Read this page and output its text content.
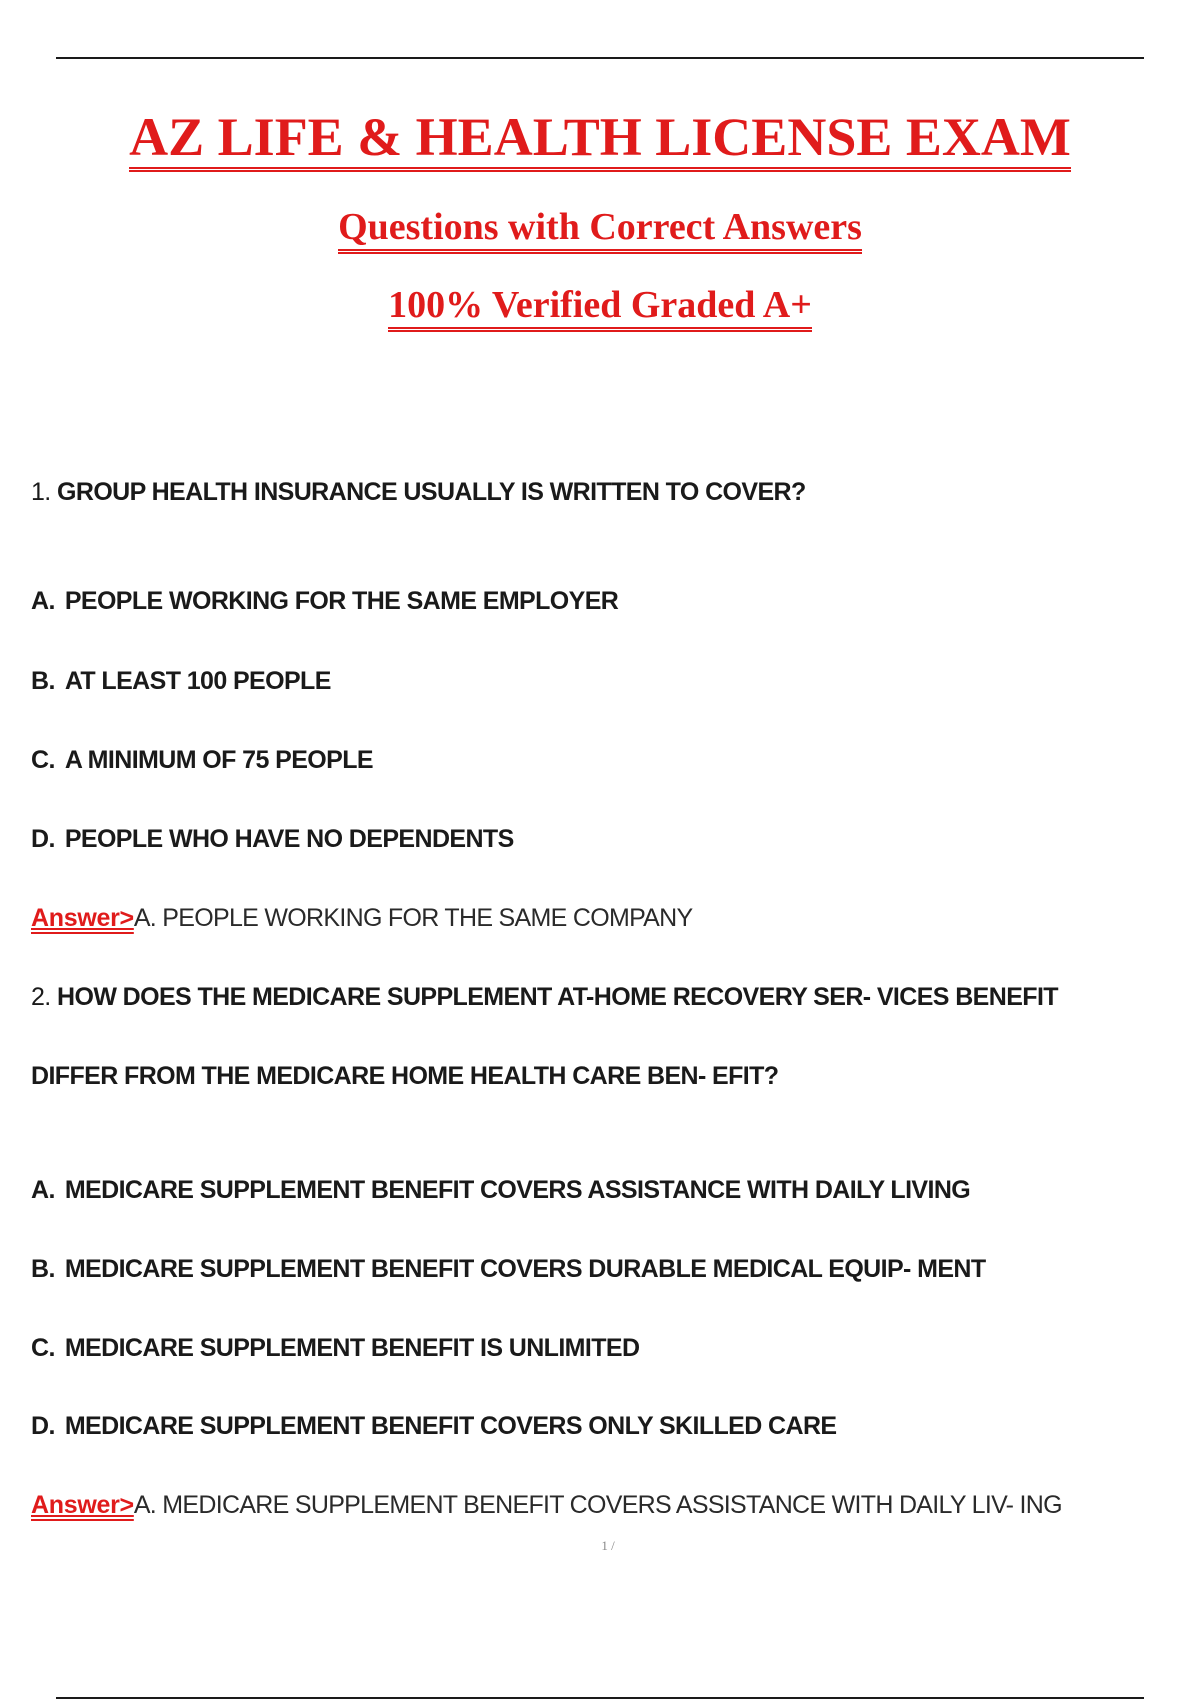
AZ LIFE & HEALTH LICENSE EXAM
Questions with Correct Answers
100% Verified Graded A+
1. GROUP HEALTH INSURANCE USUALLY IS WRITTEN TO COVER?
A. PEOPLE WORKING FOR THE SAME EMPLOYER
B. AT LEAST 100 PEOPLE
C. A MINIMUM OF 75 PEOPLE
D. PEOPLE WHO HAVE NO DEPENDENTS
Answer>A. PEOPLE WORKING FOR THE SAME COMPANY
2. HOW DOES THE MEDICARE SUPPLEMENT AT-HOME RECOVERY SER- VICES BENEFIT
DIFFER FROM THE MEDICARE HOME HEALTH CARE BEN- EFIT?
A. MEDICARE SUPPLEMENT BENEFIT COVERS ASSISTANCE WITH DAILY LIVING
B. MEDICARE SUPPLEMENT BENEFIT COVERS DURABLE MEDICAL EQUIP- MENT
C. MEDICARE SUPPLEMENT BENEFIT IS UNLIMITED
D. MEDICARE SUPPLEMENT BENEFIT COVERS ONLY SKILLED CARE
Answer>A. MEDICARE SUPPLEMENT BENEFIT COVERS ASSISTANCE WITH DAILY LIV- ING
1 /
